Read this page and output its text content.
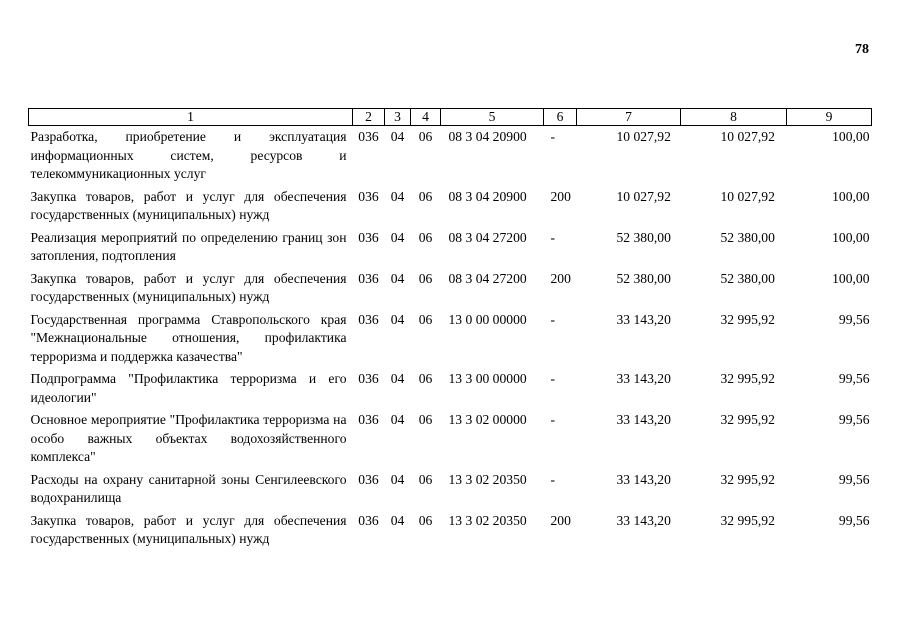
78
1	2	3	4	5	6	7	8	9
Разработка, приобретение и эксплуатация информационных систем, ресурсов и телекоммуникационных услуг	036	04	06	08 3 04 20900	-	10 027,92	10 027,92	100,00
Закупка товаров, работ и услуг для обеспечения государственных (муниципальных) нужд	036	04	06	08 3 04 20900	200	10 027,92	10 027,92	100,00
Реализация мероприятий по определению границ зон затопления, подтопления	036	04	06	08 3 04 27200	-	52 380,00	52 380,00	100,00
Закупка товаров, работ и услуг для обеспечения государственных (муниципальных) нужд	036	04	06	08 3 04 27200	200	52 380,00	52 380,00	100,00
Государственная программа Ставропольского края "Межнациональные отношения, профилактика терроризма и поддержка казачества"	036	04	06	13 0 00 00000	-	33 143,20	32 995,92	99,56
Подпрограмма "Профилактика терроризма и его идеологии"	036	04	06	13 3 00 00000	-	33 143,20	32 995,92	99,56
Основное мероприятие "Профилактика терроризма на особо важных объектах водохозяйственного комплекса"	036	04	06	13 3 02 00000	-	33 143,20	32 995,92	99,56
Расходы на охрану санитарной зоны Сенгилеевского водохранилища	036	04	06	13 3 02 20350	-	33 143,20	32 995,92	99,56
Закупка товаров, работ и услуг для обеспечения государственных (муниципальных) нужд	036	04	06	13 3 02 20350	200	33 143,20	32 995,92	99,56
